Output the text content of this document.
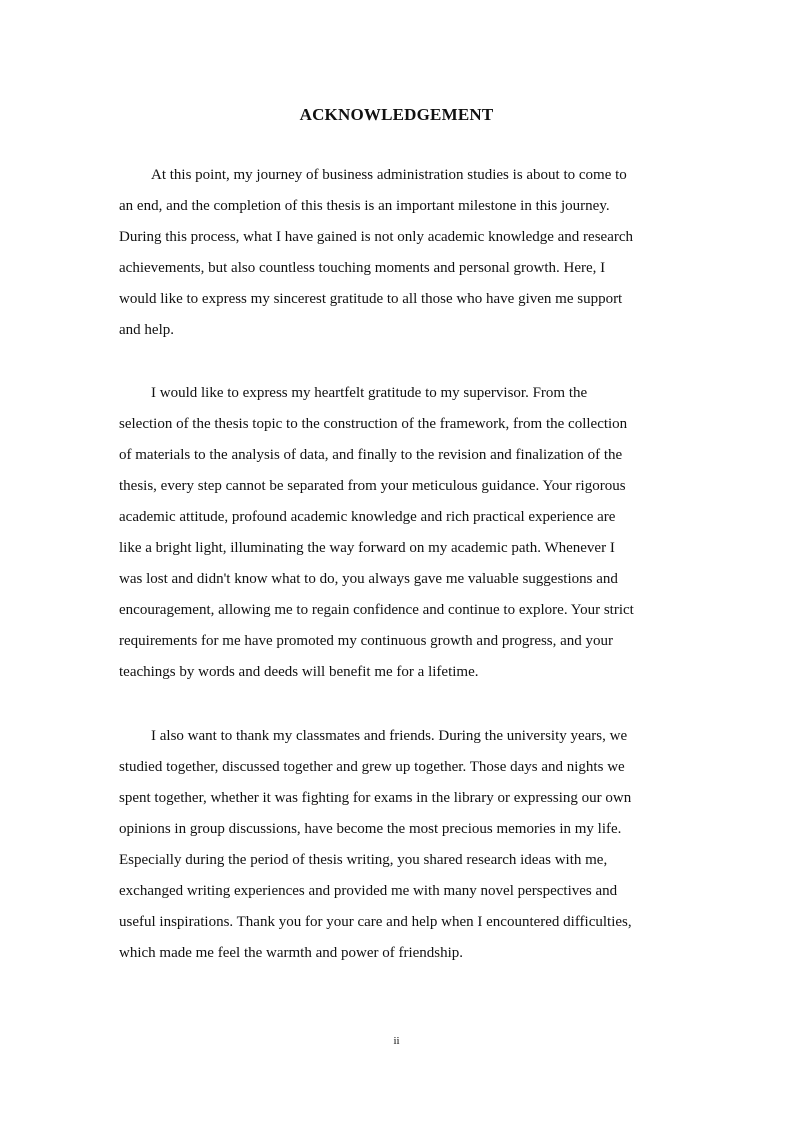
ACKNOWLEDGEMENT
At this point, my journey of business administration studies is about to come to
an end, and the completion of this thesis is an important milestone in this journey.
During this process, what I have gained is not only academic knowledge and research
achievements, but also countless touching moments and personal growth. Here, I
would like to express my sincerest gratitude to all those who have given me support
and help.
I would like to express my heartfelt gratitude to my supervisor. From the
selection of the thesis topic to the construction of the framework, from the collection
of materials to the analysis of data, and finally to the revision and finalization of the
thesis, every step cannot be separated from your meticulous guidance. Your rigorous
academic attitude, profound academic knowledge and rich practical experience are
like a bright light, illuminating the way forward on my academic path. Whenever I
was lost and didn't know what to do, you always gave me valuable suggestions and
encouragement, allowing me to regain confidence and continue to explore. Your strict
requirements for me have promoted my continuous growth and progress, and your
teachings by words and deeds will benefit me for a lifetime.
I also want to thank my classmates and friends. During the university years, we
studied together, discussed together and grew up together. Those days and nights we
spent together, whether it was fighting for exams in the library or expressing our own
opinions in group discussions, have become the most precious memories in my life.
Especially during the period of thesis writing, you shared research ideas with me,
exchanged writing experiences and provided me with many novel perspectives and
useful inspirations. Thank you for your care and help when I encountered difficulties,
which made me feel the warmth and power of friendship.
ii
